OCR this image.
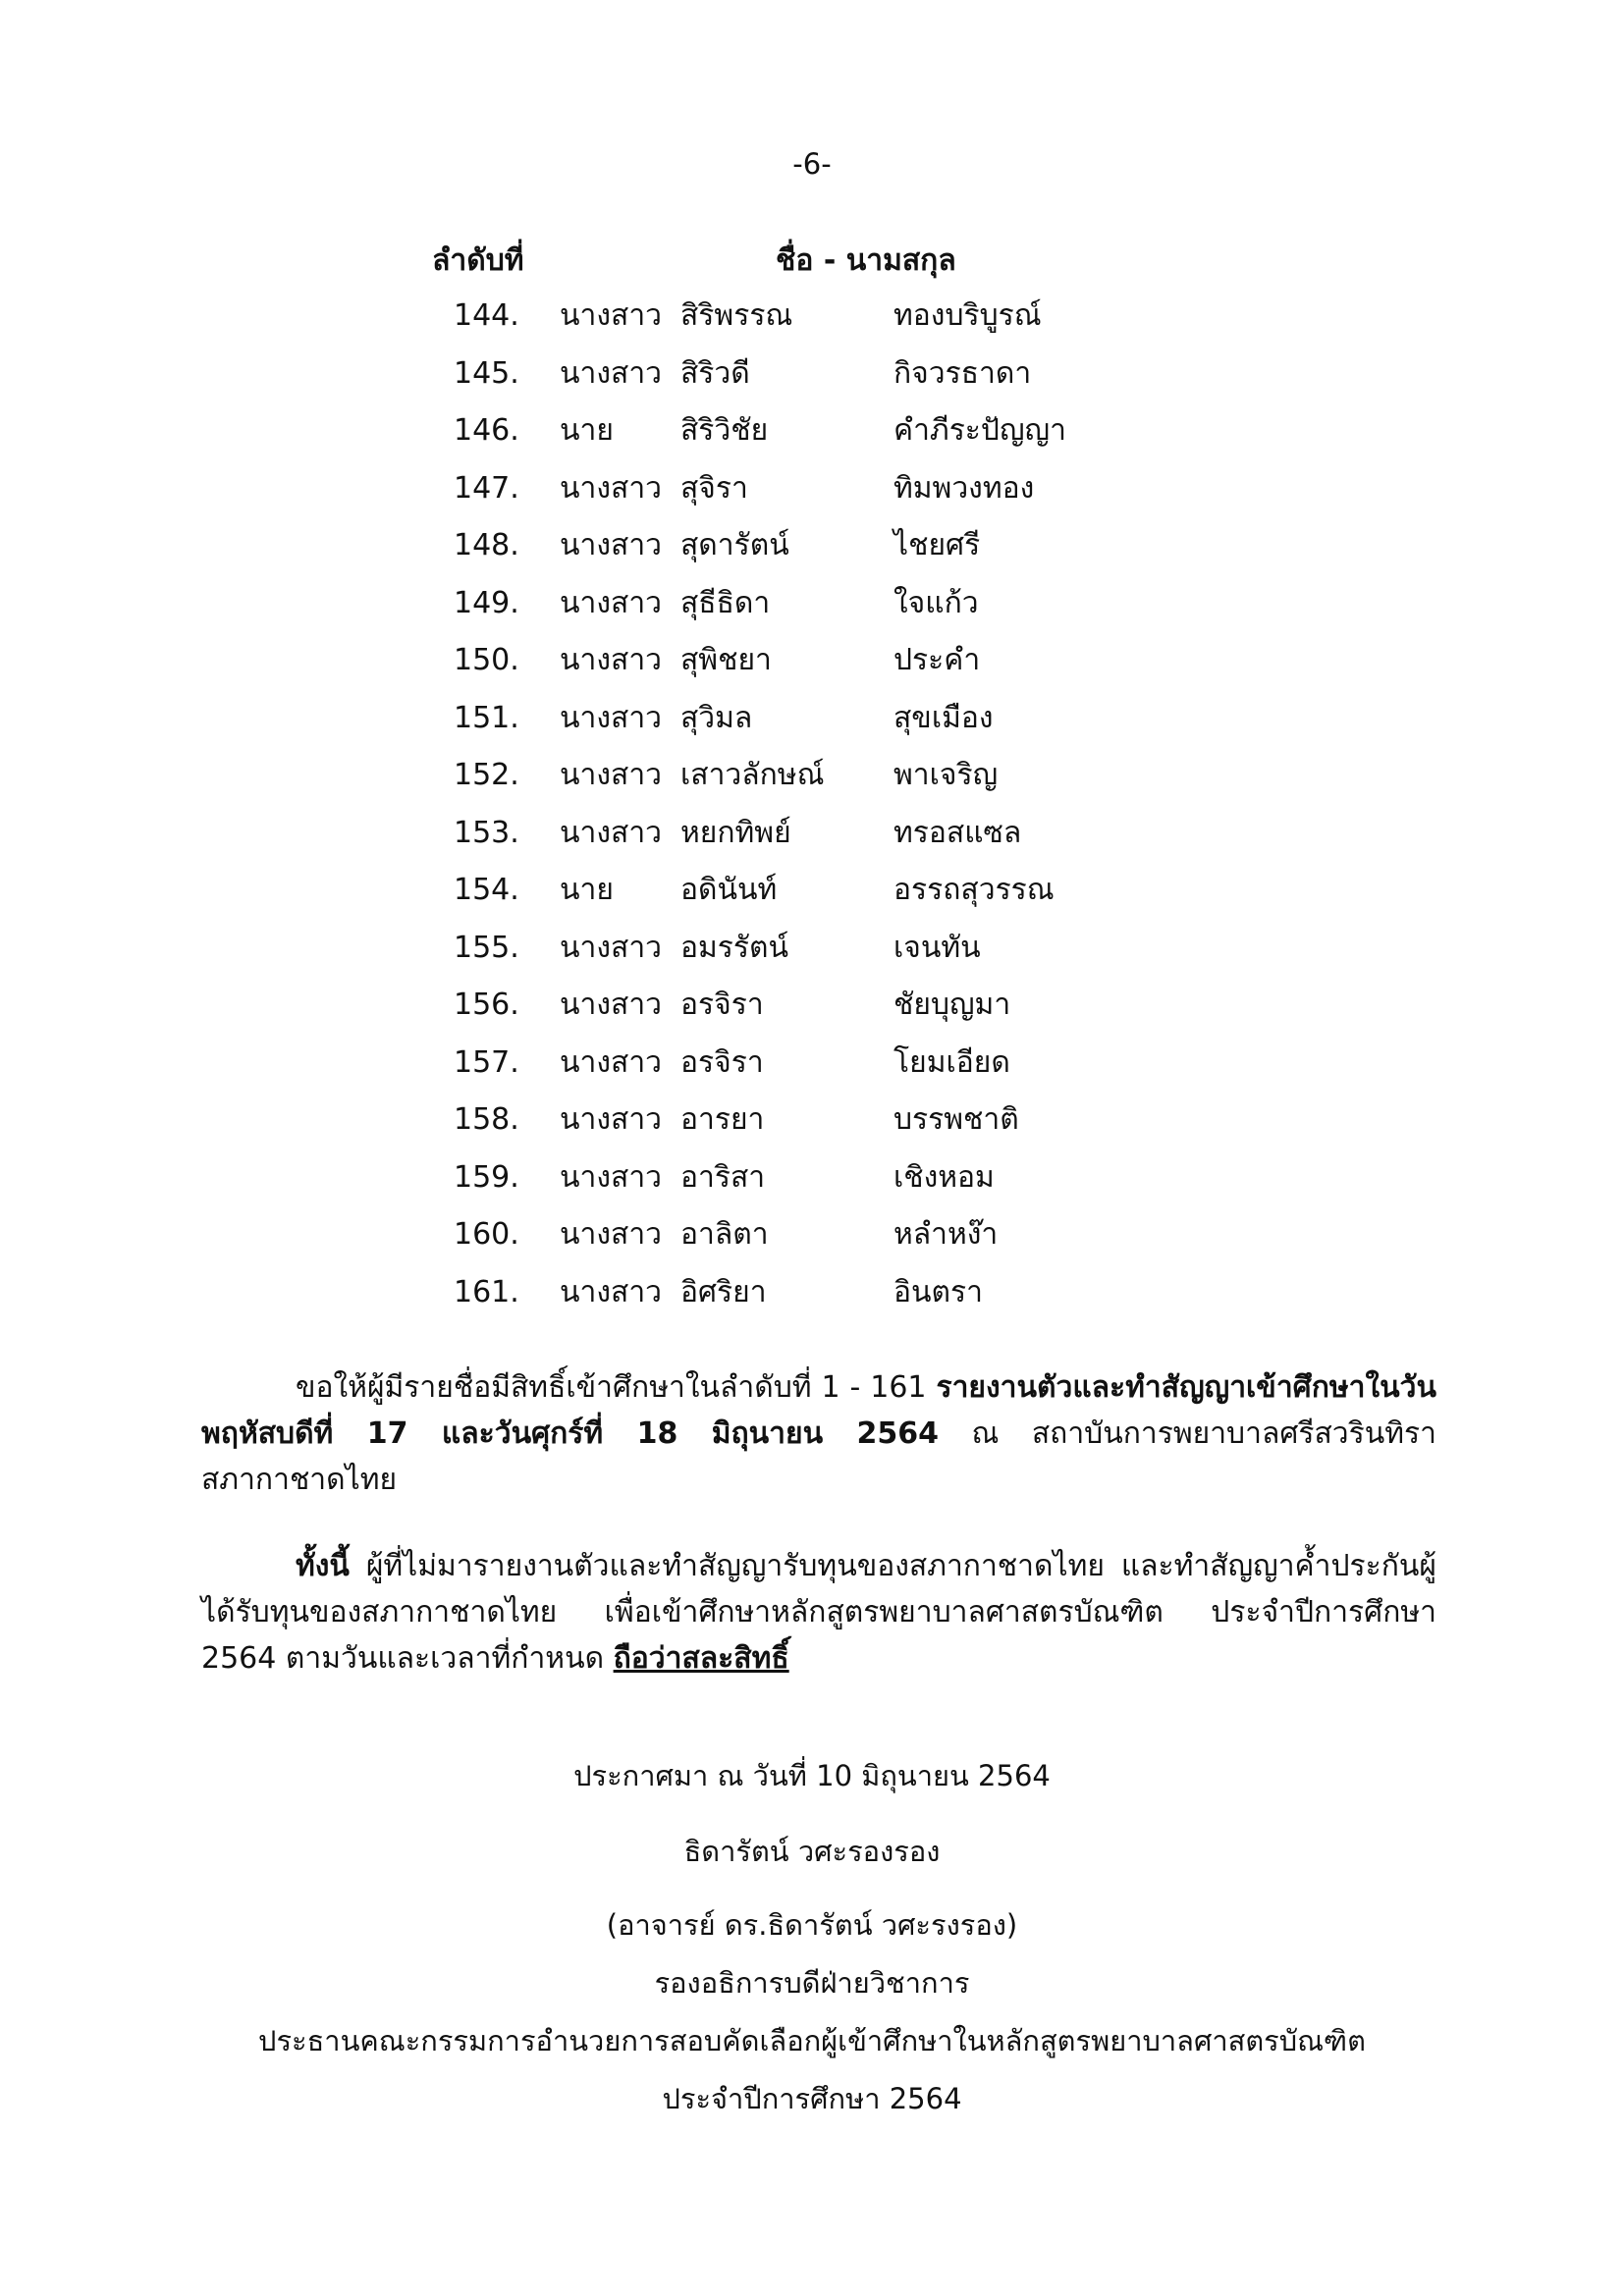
-6-
ลำดับที่	ชื่อ - นามสกุล
144. นางสาว สิริพรรณ	ทองบริบูรณ์
145. นางสาว สิริวดี	กิจวรธาดา
146. นาย สิริวิชัย	คำภีระปัญญา
147. นางสาว สุจิรา	ทิมพวงทอง
148. นางสาว สุดารัตน์	ไชยศรี
149. นางสาว สุธีธิดา	ใจแก้ว
150. นางสาว สุพิชยา	ประคำ
151. นางสาว สุวิมล	สุขเมือง
152. นางสาว เสาวลักษณ์ พาเจริญ
153. นางสาว หยกทิพย์	ทรอสแซล
154. นาย อดินันท์	อรรถสุวรรณ
155. นางสาว อมรรัตน์	เจนทัน
156. นางสาว อรจิรา	ชัยบุญมา
157. นางสาว อรจิรา	โยมเอียด
158. นางสาว อารยา	บรรพชาติ
159. นางสาว อาริสา	เชิงหอม
160. นางสาว อาลิตา	หลำหง๊า
161. นางสาว อิศริยา	อินตรา

ขอให้ผู้มีรายชื่อมีสิทธิ์เข้าศึกษาในลำดับที่ 1 - 161 รายงานตัวและทำสัญญาเข้าศึกษาในวันพฤหัสบดีที่ 17 และวันศุกร์ที่ 18 มิถุนายน 2564 ณ สถาบันการพยาบาลศรีสวรินทิรา สภากาชาดไทย

ทั้งนี้ ผู้ที่ไม่มารายงานตัวและทำสัญญารับทุนของสภากาชาดไทย และทำสัญญาค้ำประกันผู้ได้รับทุนของสภากาชาดไทย เพื่อเข้าศึกษาหลักสูตรพยาบาลศาสตรบัณฑิต ประจำปีการศึกษา 2564 ตามวันและเวลาที่กำหนด ถือว่าสละสิทธิ์

ประกาศมา ณ วันที่ 10 มิถุนายน 2564
ธิดารัตน์ วศะรองรอง
(อาจารย์ ดร.ธิดารัตน์ วศะรงรอง)
รองอธิการบดีฝ่ายวิชาการ
ประธานคณะกรรมการอำนวยการสอบคัดเลือกผู้เข้าศึกษาในหลักสูตรพยาบาลศาสตรบัณฑิต
ประจำปีการศึกษา 2564
